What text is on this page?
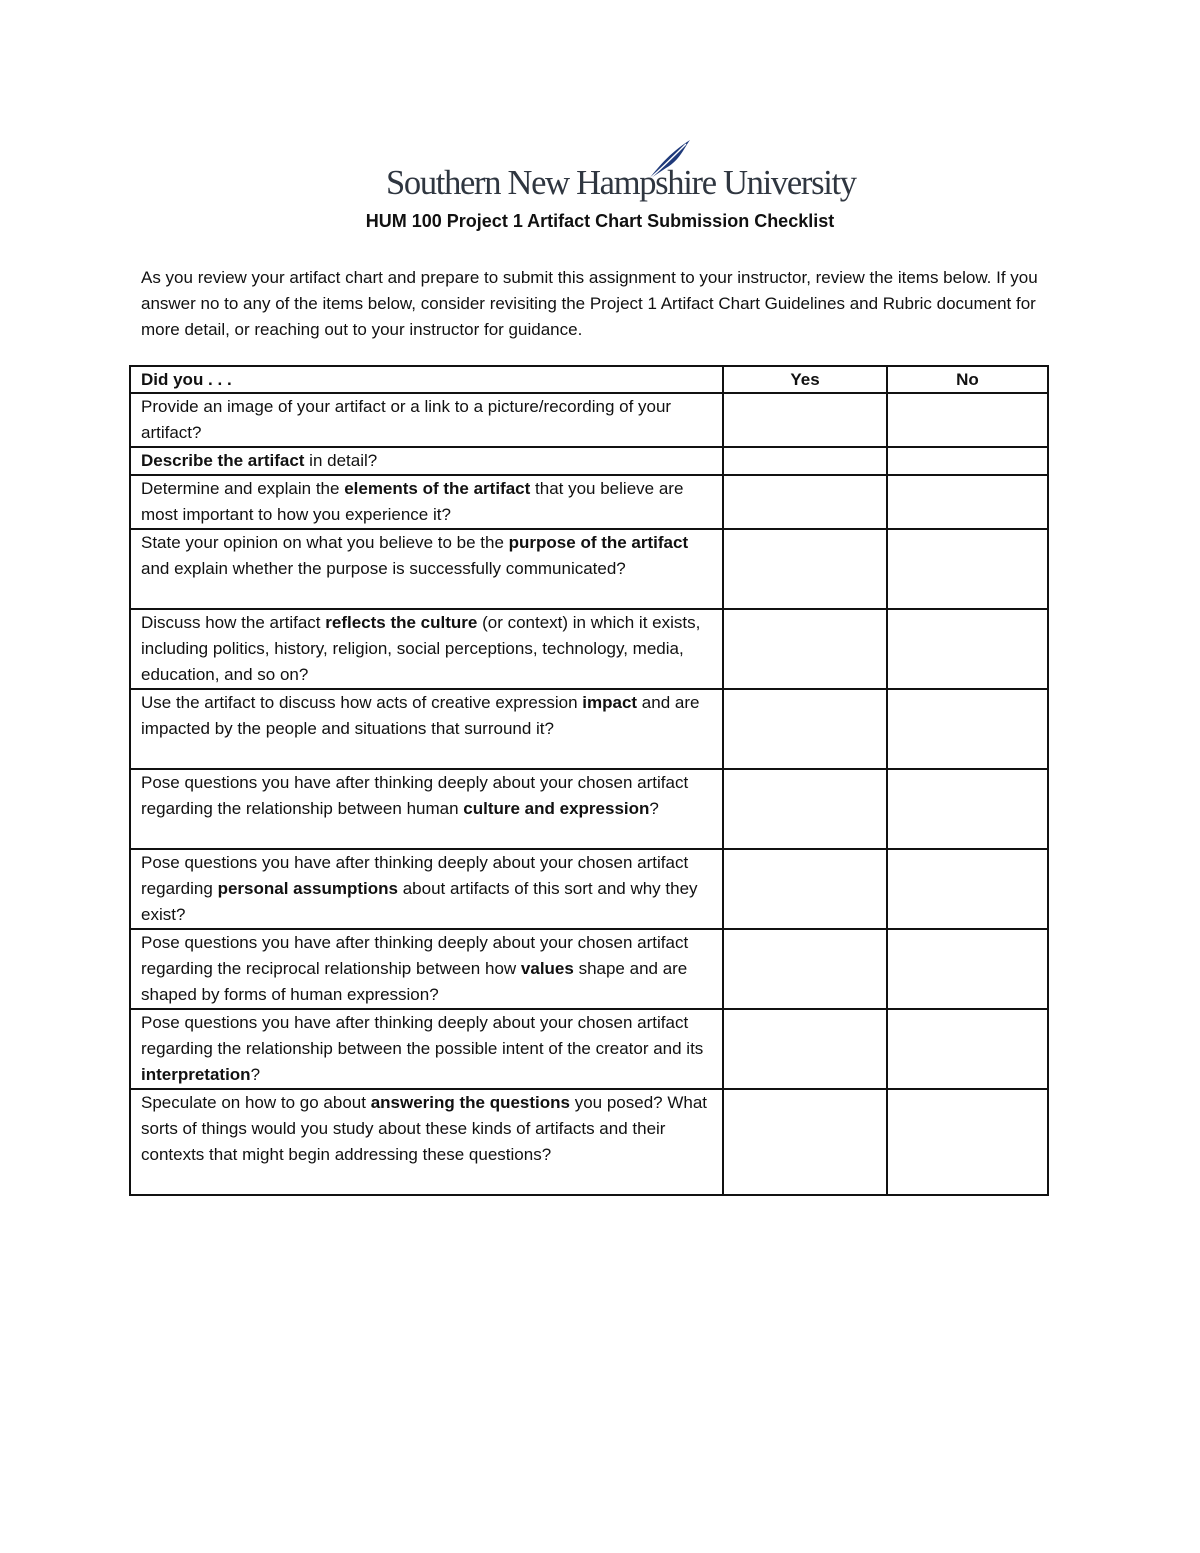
Southern New Hampshire University
HUM 100 Project 1 Artifact Chart Submission Checklist

As you review your artifact chart and prepare to submit this assignment to your instructor, review the items below. If you answer no to any of the items below, consider revisiting the Project 1 Artifact Chart Guidelines and Rubric document for more detail, or reaching out to your instructor for guidance.

Did you . . .	Yes	No
Provide an image of your artifact or a link to a picture/recording of your artifact?		
Describe the artifact in detail?		
Determine and explain the elements of the artifact that you believe are most important to how you experience it?		
State your opinion on what you believe to be the purpose of the artifact and explain whether the purpose is successfully communicated?		
Discuss how the artifact reflects the culture (or context) in which it exists, including politics, history, religion, social perceptions, technology, media, education, and so on?		
Use the artifact to discuss how acts of creative expression impact and are impacted by the people and situations that surround it?		
Pose questions you have after thinking deeply about your chosen artifact regarding the relationship between human culture and expression?		
Pose questions you have after thinking deeply about your chosen artifact regarding personal assumptions about artifacts of this sort and why they exist?		
Pose questions you have after thinking deeply about your chosen artifact regarding the reciprocal relationship between how values shape and are shaped by forms of human expression?		
Pose questions you have after thinking deeply about your chosen artifact regarding the relationship between the possible intent of the creator and its interpretation?		
Speculate on how to go about answering the questions you posed? What sorts of things would you study about these kinds of artifacts and their contexts that might begin addressing these questions?		
